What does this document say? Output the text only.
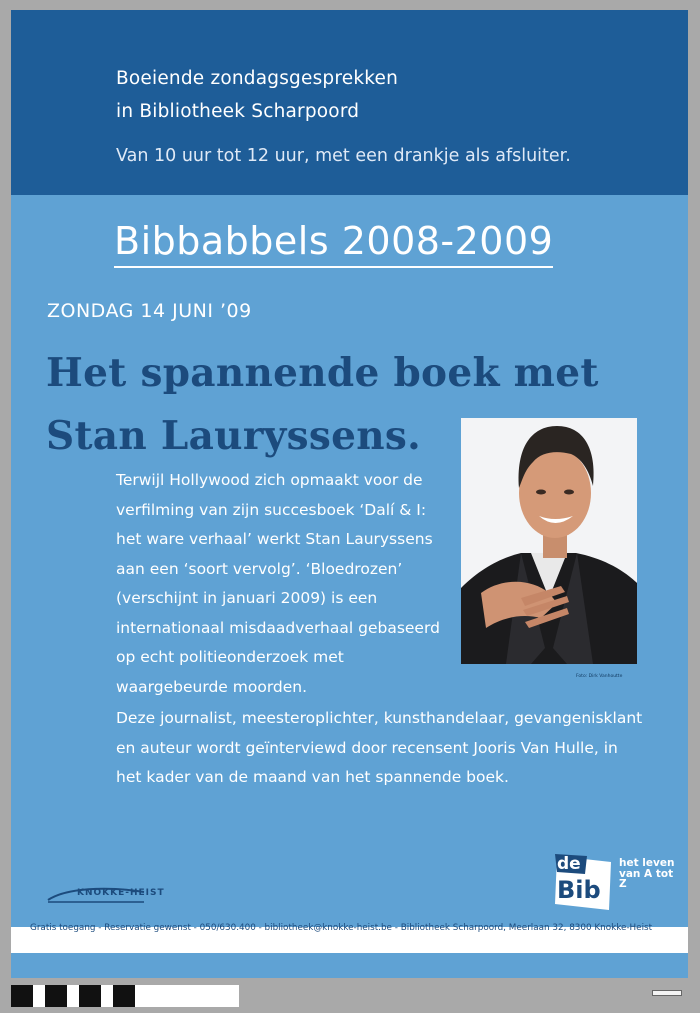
Boeiende zondagsgesprekken
in Bibliotheek Scharpoord
Van 10 uur tot 12 uur, met een drankje als afsluiter.
Bibbabbels 2008-2009
ZONDAG 14 JUNI ’09
Het spannende boek met
Stan Lauryssens.
Foto: Dirk Vanhoutte

Terwijl Hollywood zich opmaakt voor de verfilming van zijn succesboek ‘Dalí & I: het ware verhaal’ werkt Stan Lauryssens aan een ‘soort vervolg’. ‘Bloedrozen’ (verschijnt in januari 2009) is een internationaal misdaadverhaal gebaseerd op echt politieonderzoek met waargebeurde moorden.

Deze journalist, meesteroplichter, kunsthandelaar, gevangenisklant en auteur wordt geïnterviewd door recensent Jooris Van Hulle, in het kader van de maand van het spannende boek.

KNOKKE-HEIST
de
Bib
het leven van A tot Z
Gratis toegang - Reservatie gewenst - 050/630.400 - bibliotheek@knokke-heist.be - Bibliotheek Scharpoord, Meerlaan 32, 8300 Knokke-Heist
